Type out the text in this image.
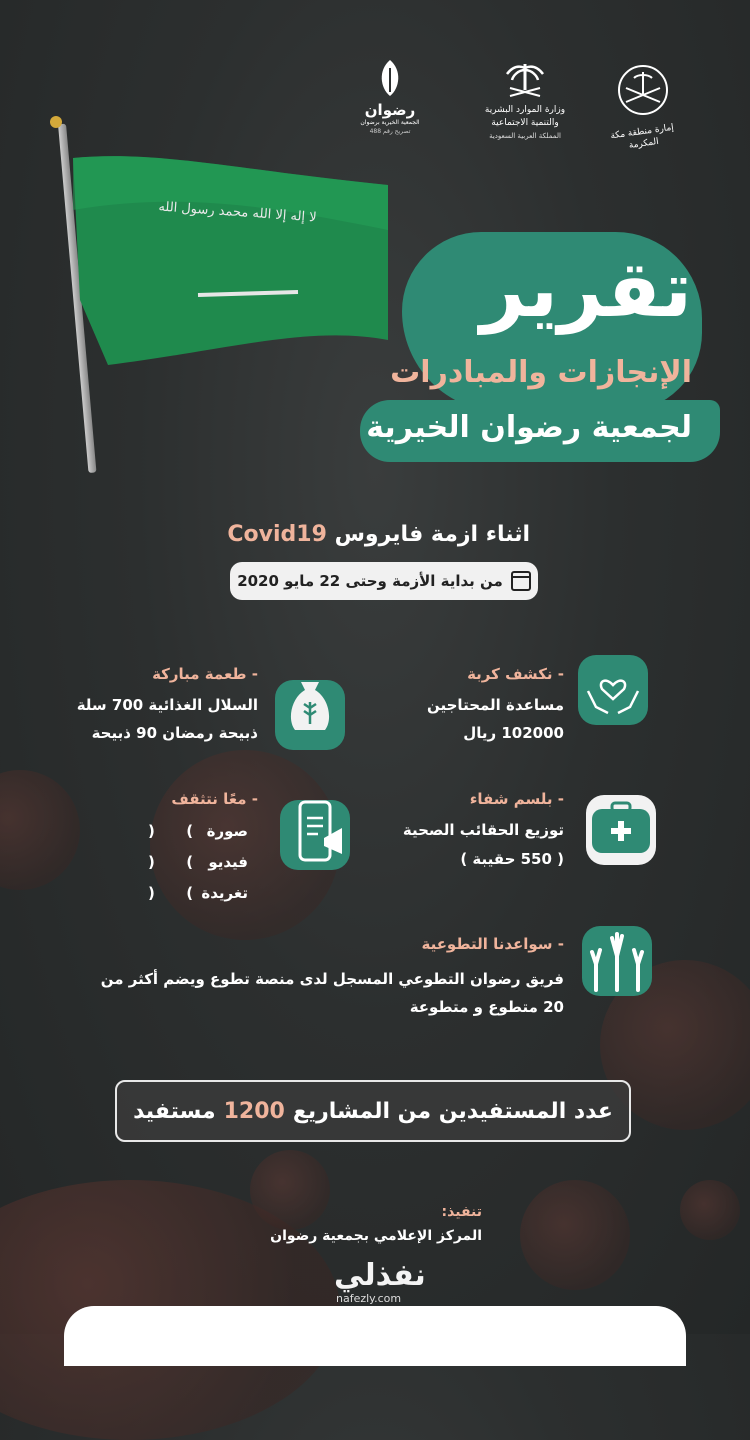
لا إله إلا الله محمد رسول الله
رضوان
الجمعية الخيرية برضوان
تصريح رقم 488
وزارة الموارد البشرية
والتنمية الاجتماعية
المملكة العربية السعودية	إمارة منطقة مكة المكرمة
تقرير
الإنجازات والمبادرات
لجمعية رضوان الخيرية
اثناء ازمة فايروس Covid19
من بداية الأزمة وحتى 22 مايو 2020
- نكشف كربة
مساعدة المحتاجين
102000 ريال
- طعمة مباركة
السلال الغذائية 700 سلة
ذبيحة رمضان 90 ذبيحة
- بلسم شفاء
توزيع الحقائب الصحية
( 550 حقيبة )
- معًا نتثقف
صورة
)      (
فيديو
)      (
تغريدة
)      (
- سواعدنا التطوعية
فريق رضوان التطوعي المسجل لدى منصة تطوع ويضم أكثر من
20 متطوع و متطوعة
عدد المستفيدين من المشاريع
1200
مستفيد
تنفيذ:
المركز الإعلامي بجمعية رضوان
نفذلي
nafezly.com
